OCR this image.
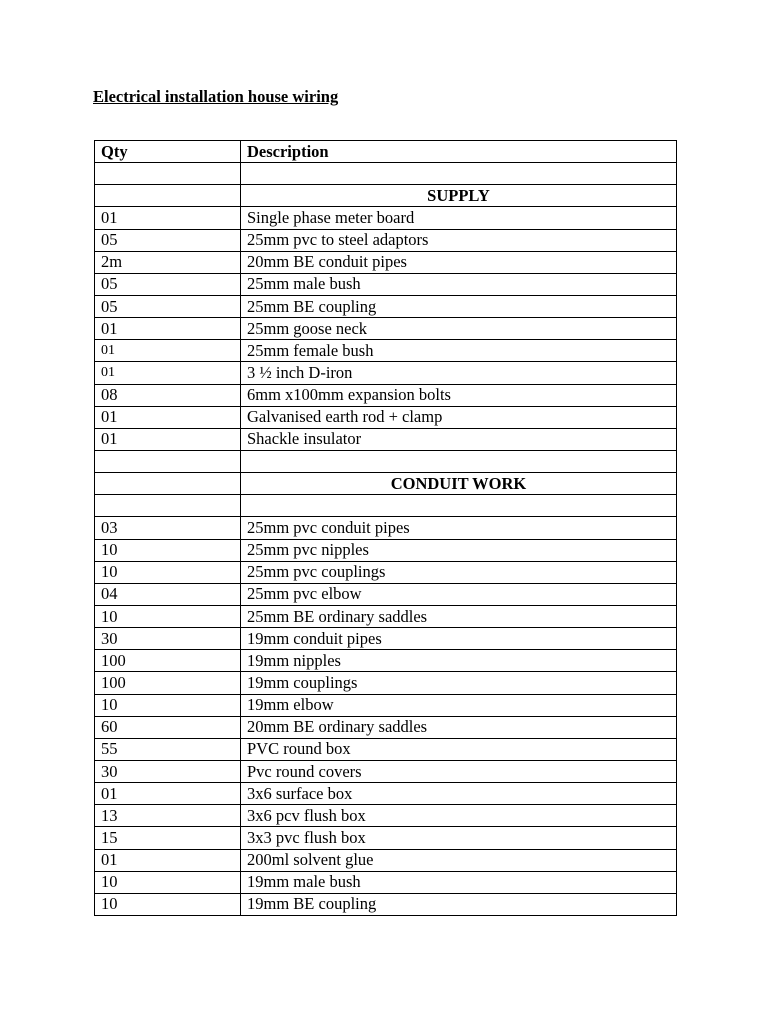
Electrical installation house wiring
Qty	Description

	SUPPLY
01	Single phase meter board
05	25mm pvc to steel adaptors
2m	20mm BE conduit pipes
05	25mm male bush
05	25mm BE coupling
01	25mm goose neck
01	25mm female bush
01	3 ½ inch D-iron
08	6mm x100mm expansion bolts
01	Galvanised earth rod + clamp
01	Shackle insulator

	CONDUIT WORK

03	25mm pvc conduit pipes
10	25mm pvc nipples
10	25mm pvc couplings
04	25mm pvc elbow
10	25mm BE ordinary saddles
30	19mm conduit pipes
100	19mm nipples
100	19mm couplings
10	19mm elbow
60	20mm BE ordinary saddles
55	PVC round box
30	Pvc round covers
01	3x6 surface box
13	3x6 pcv flush box
15	3x3 pvc flush box
01	200ml solvent glue
10	19mm male bush
10	19mm BE coupling
